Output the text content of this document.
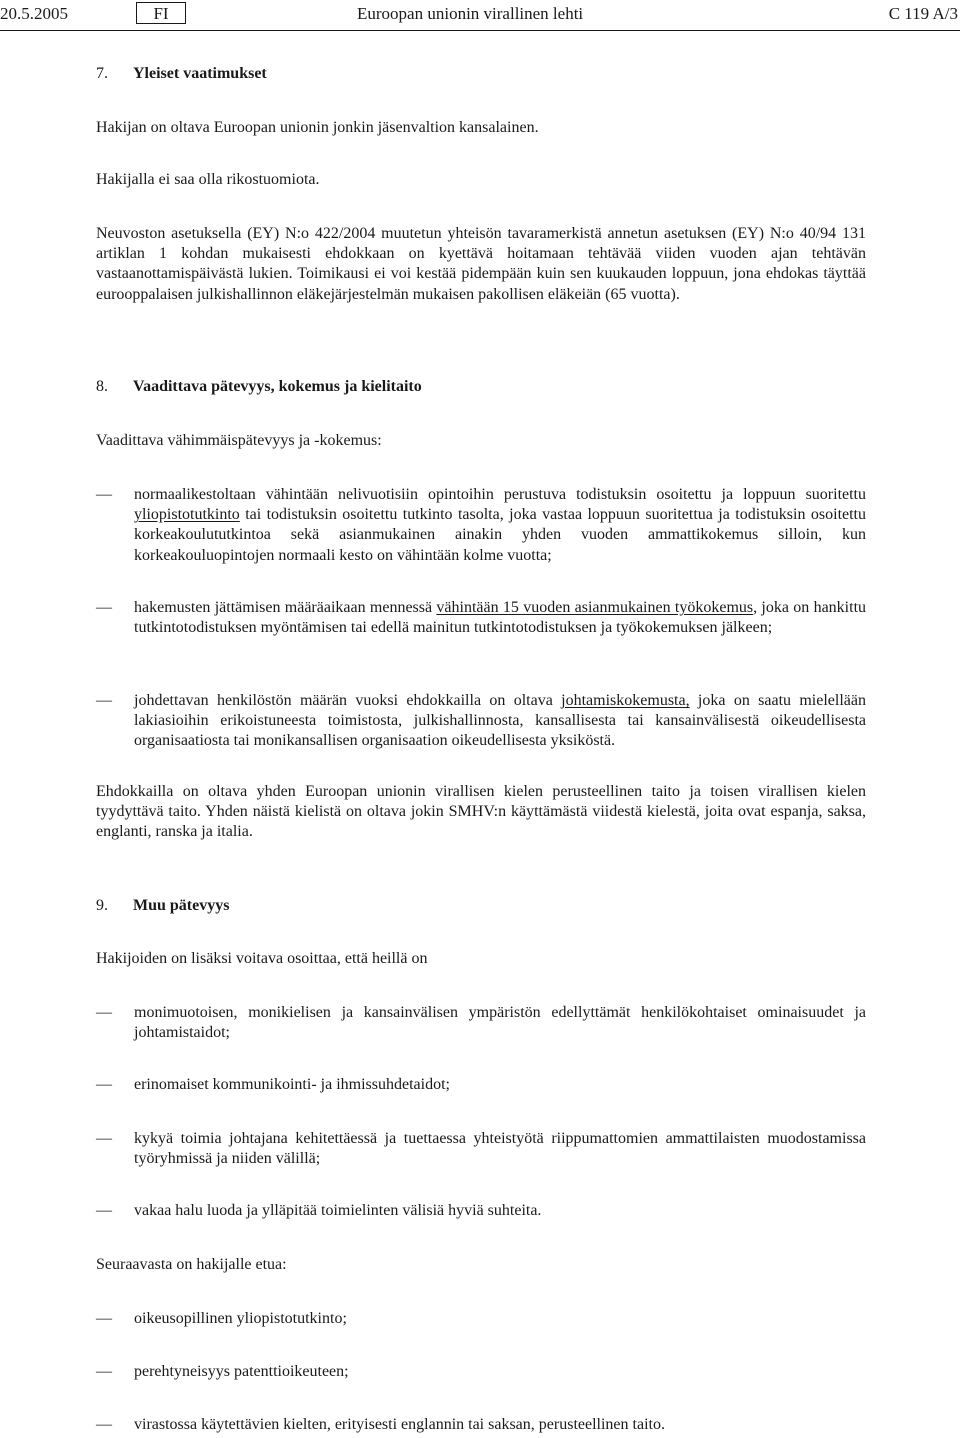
20.5.2005	FI	Euroopan unionin virallinen lehti	C 119 A/3
7. Yleiset vaatimukset

Hakijan on oltava Euroopan unionin jonkin jäsenvaltion kansalainen.

Hakijalla ei saa olla rikostuomiota.

Neuvoston asetuksella (EY) N:o 422/2004 muutetun yhteisön tavaramerkistä annetun asetuksen (EY) N:o 40/94 131 artiklan 1 kohdan mukaisesti ehdokkaan on kyettävä hoitamaan tehtävää viiden vuoden ajan tehtävän vastaanottamispäivästä lukien. Toimikausi ei voi kestää pidempään kuin sen kuukauden loppuun, jona ehdokas täyttää eurooppalaisen julkishallinnon eläkejärjestelmän mukaisen pakollisen eläkeiän (65 vuotta).

8. Vaadittava pätevyys, kokemus ja kielitaito

Vaadittava vähimmäispätevyys ja -kokemus:

— normaalikestoltaan vähintään nelivuotisiin opintoihin perustuva todistuksin osoitettu ja loppuun suoritettu yliopistotutkinto tai todistuksin osoitettu tutkinto tasolta, joka vastaa loppuun suoritettua ja todistuksin osoitettu korkeakoulututkintoa sekä asianmukainen ainakin yhden vuoden ammattikokemus silloin, kun korkeakouluopintojen normaali kesto on vähintään kolme vuotta;
— hakemusten jättämisen määräaikaan mennessä vähintään 15 vuoden asianmukainen työkokemus, joka on hankittu tutkintotodistuksen myöntämisen tai edellä mainitun tutkintotodistuksen ja työkokemuksen jälkeen;
— johdettavan henkilöstön määrän vuoksi ehdokkailla on oltava johtamiskokemusta, joka on saatu mielellään lakiasioihin erikoistuneesta toimistosta, julkishallinnosta, kansallisesta tai kansainvälisestä oikeudellisesta organisaatiosta tai monikansallisen organisaation oikeudellisesta yksiköstä.

Ehdokkailla on oltava yhden Euroopan unionin virallisen kielen perusteellinen taito ja toisen virallisen kielen tyydyttävä taito. Yhden näistä kielistä on oltava jokin SMHV:n käyttämästä viidestä kielestä, joita ovat espanja, saksa, englanti, ranska ja italia.

9. Muu pätevyys

Hakijoiden on lisäksi voitava osoittaa, että heillä on

— monimuotoisen, monikielisen ja kansainvälisen ympäristön edellyttämät henkilökohtaiset ominaisuudet ja johtamistaidot;
— erinomaiset kommunikointi- ja ihmissuhdetaidot;
— kykyä toimia johtajana kehitettäessä ja tuettaessa yhteistyötä riippumattomien ammattilaisten muodostamissa työryhmissä ja niiden välillä;
— vakaa halu luoda ja ylläpitää toimielinten välisiä hyviä suhteita.

Seuraavasta on hakijalle etua:

— oikeusopillinen yliopistotutkinto;
— perehtyneisyys patenttioikeuteen;
— virastossa käytettävien kielten, erityisesti englannin tai saksan, perusteellinen taito.
